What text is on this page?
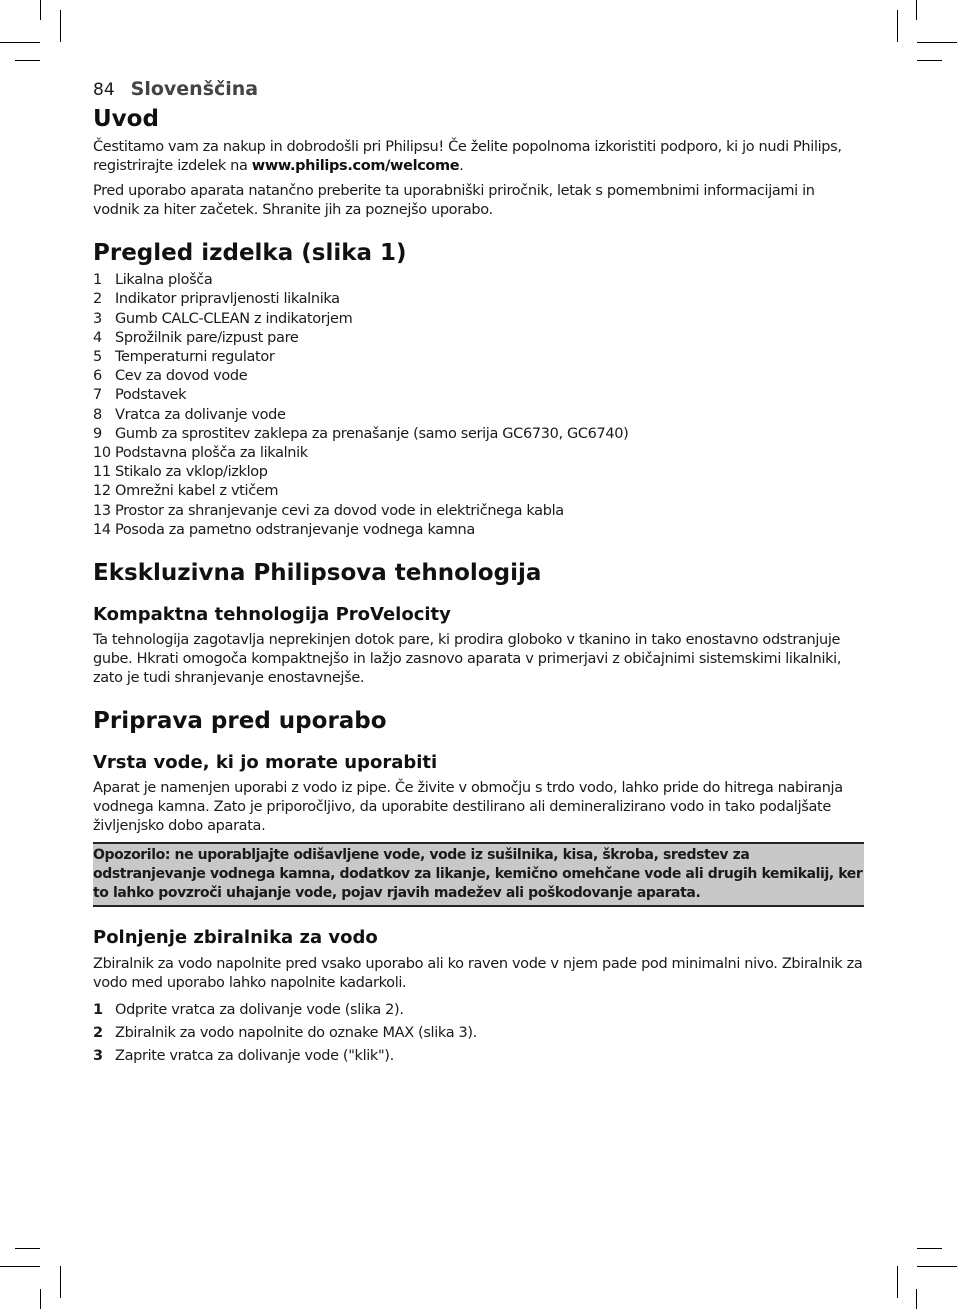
84 Slovenščina
Uvod

Čestitamo vam za nakup in dobrodošli pri Philipsu! Če želite popolnoma izkoristiti podporo, ki jo nudi Philips, registrirajte izdelek na www.philips.com/welcome.

Pred uporabo aparata natančno preberite ta uporabniški priročnik, letak s pomembnimi informacijami in vodnik za hiter začetek. Shranite jih za poznejšo uporabo.

Pregled izdelka (slika 1)
1 Likalna plošča
2 Indikator pripravljenosti likalnika
3 Gumb CALC-CLEAN z indikatorjem
4 Sprožilnik pare/izpust pare
5 Temperaturni regulator
6 Cev za dovod vode
7 Podstavek
8 Vratca za dolivanje vode
9 Gumb za sprostitev zaklepa za prenašanje (samo serija GC6730, GC6740)
10 Podstavna plošča za likalnik
11 Stikalo za vklop/izklop
12 Omrežni kabel z vtičem
13 Prostor za shranjevanje cevi za dovod vode in električnega kabla
14 Posoda za pametno odstranjevanje vodnega kamna
Ekskluzivna Philipsova tehnologija
Kompaktna tehnologija ProVelocity

Ta tehnologija zagotavlja neprekinjen dotok pare, ki prodira globoko v tkanino in tako enostavno odstranjuje gube. Hkrati omogoča kompaktnejšo in lažjo zasnovo aparata v primerjavi z običajnimi sistemskimi likalniki, zato je tudi shranjevanje enostavnejše.

Priprava pred uporabo
Vrsta vode, ki jo morate uporabiti

Aparat je namenjen uporabi z vodo iz pipe. Če živite v območju s trdo vodo, lahko pride do hitrega nabiranja vodnega kamna. Zato je priporočljivo, da uporabite destilirano ali demineralizirano vodo in tako podaljšate življenjsko dobo aparata.

Opozorilo: ne uporabljajte odišavljene vode, vode iz sušilnika, kisa, škroba, sredstev za odstranjevanje vodnega kamna, dodatkov za likanje, kemično omehčane vode ali drugih kemikalij, ker to lahko povzroči uhajanje vode, pojav rjavih madežev ali poškodovanje aparata.
Polnjenje zbiralnika za vodo

Zbiralnik za vodo napolnite pred vsako uporabo ali ko raven vode v njem pade pod minimalni nivo. Zbiralnik za vodo med uporabo lahko napolnite kadarkoli.

1 Odprite vratca za dolivanje vode (slika 2).
2 Zbiralnik za vodo napolnite do oznake MAX (slika 3).
3 Zaprite vratca za dolivanje vode ("klik").
